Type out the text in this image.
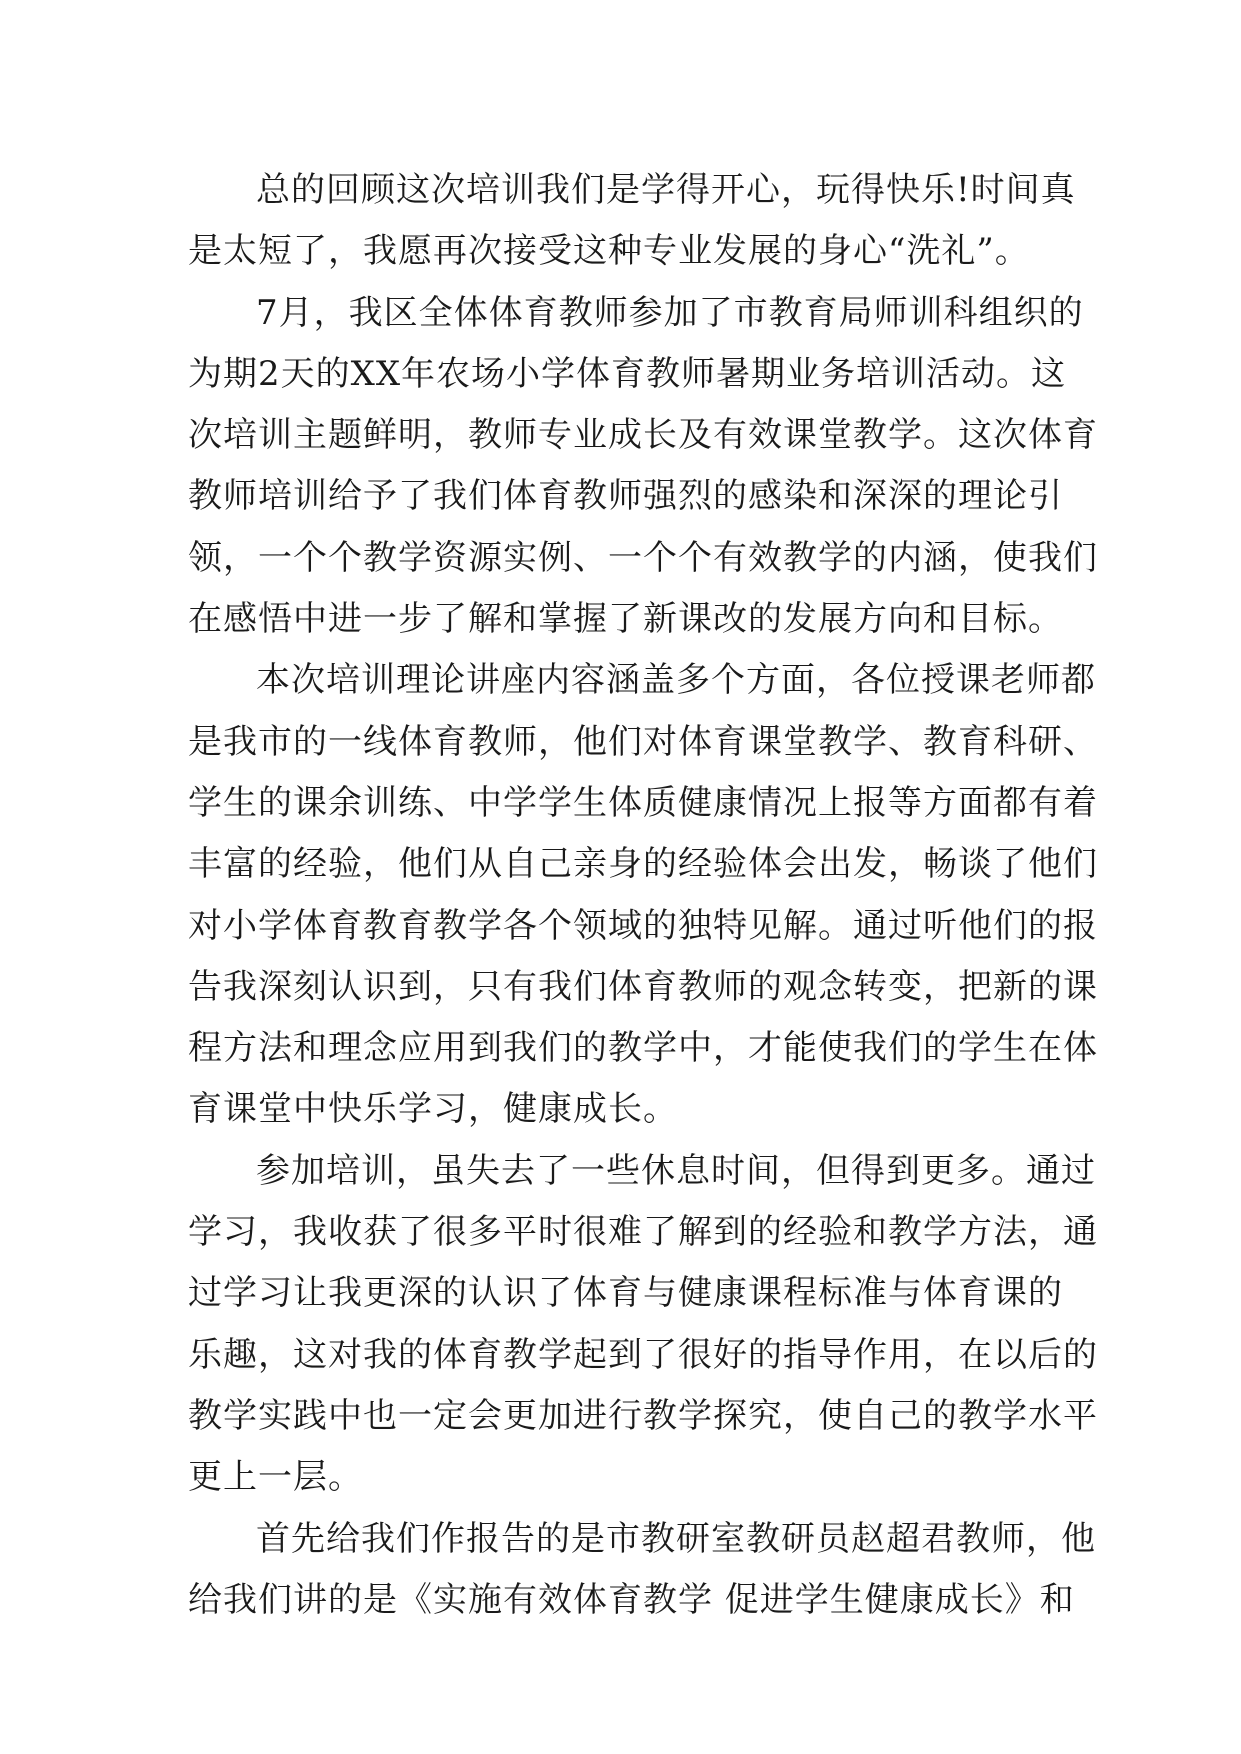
总的回顾这次培训我们是学得开心，玩得快乐!时间真
是太短了，我愿再次接受这种专业发展的身心“洗礼”。
7月，我区全体体育教师参加了市教育局师训科组织的
为期2天的XX年农场小学体育教师暑期业务培训活动。这
次培训主题鲜明，教师专业成长及有效课堂教学。这次体育
教师培训给予了我们体育教师强烈的感染和深深的理论引
领，一个个教学资源实例、一个个有效教学的内涵，使我们
在感悟中进一步了解和掌握了新课改的发展方向和目标。
本次培训理论讲座内容涵盖多个方面，各位授课老师都
是我市的一线体育教师，他们对体育课堂教学、教育科研、
学生的课余训练、中学学生体质健康情况上报等方面都有着
丰富的经验，他们从自己亲身的经验体会出发，畅谈了他们
对小学体育教育教学各个领域的独特见解。通过听他们的报
告我深刻认识到，只有我们体育教师的观念转变，把新的课
程方法和理念应用到我们的教学中，才能使我们的学生在体
育课堂中快乐学习，健康成长。
参加培训，虽失去了一些休息时间，但得到更多。通过
学习，我收获了很多平时很难了解到的经验和教学方法，通
过学习让我更深的认识了体育与健康课程标准与体育课的
乐趣，这对我的体育教学起到了很好的指导作用，在以后的
教学实践中也一定会更加进行教学探究，使自己的教学水平
更上一层。
首先给我们作报告的是市教研室教研员赵超君教师，他
给我们讲的是《实施有效体育教学 促进学生健康成长》和
